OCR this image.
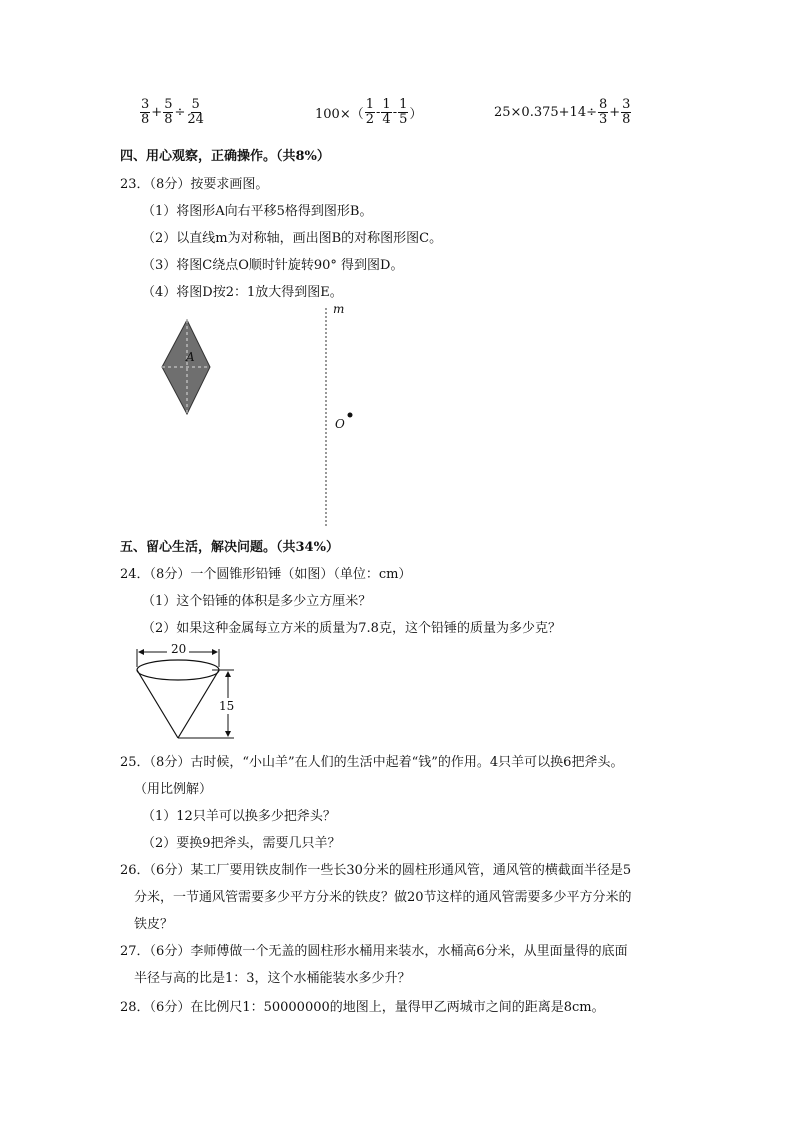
$\frac{3}{8} + \frac{5}{8} \div \frac{5}{24}$	$100\times( \frac{1}{2} - \frac{1}{4} - \frac{1}{5}$ ）	$25\times 0.375+14\div \frac{8}{3} + \frac{3}{8}$
四、用心观察，正确操作。（共8%）
23．（8分）按要求画图。
（1）将图形A向右平移5格得到图形B。
（2）以直线m为对称轴，画出图B的对称图形图C。
（3）将图C绕点O顺时针旋转90° 得到图D。
（4）将图D按2：1放大得到图E。
A
m
O
五、留心生活，解决问题。（共34%）
24．（8分）一个圆锥形铅锤（如图）（单位：cm）
（1）这个铅锤的体积是多少立方厘米？
（2）如果这种金属每立方米的质量为7.8克，这个铅锤的质量为多少克？
20
15
25．（8分）古时候，“小山羊”在人们的生活中起着“钱”的作用。4只羊可以换6把斧头。
（用比例解）
（1）12只羊可以换多少把斧头？
（2）要换9把斧头，需要几只羊？
26．（6分）某工厂要用铁皮制作一些长30分米的圆柱形通风管，通风管的横截面半径是5
分米，一节通风管需要多少平方分米的铁皮？做20节这样的通风管需要多少平方分米的
铁皮？
27．（6分）李师傅做一个无盖的圆柱形水桶用来装水，水桶高6分米，从里面量得的底面
半径与高的比是1：3，这个水桶能装水多少升？
28．（6分）在比例尺1：50000000的地图上，量得甲乙两城市之间的距离是8cm。
